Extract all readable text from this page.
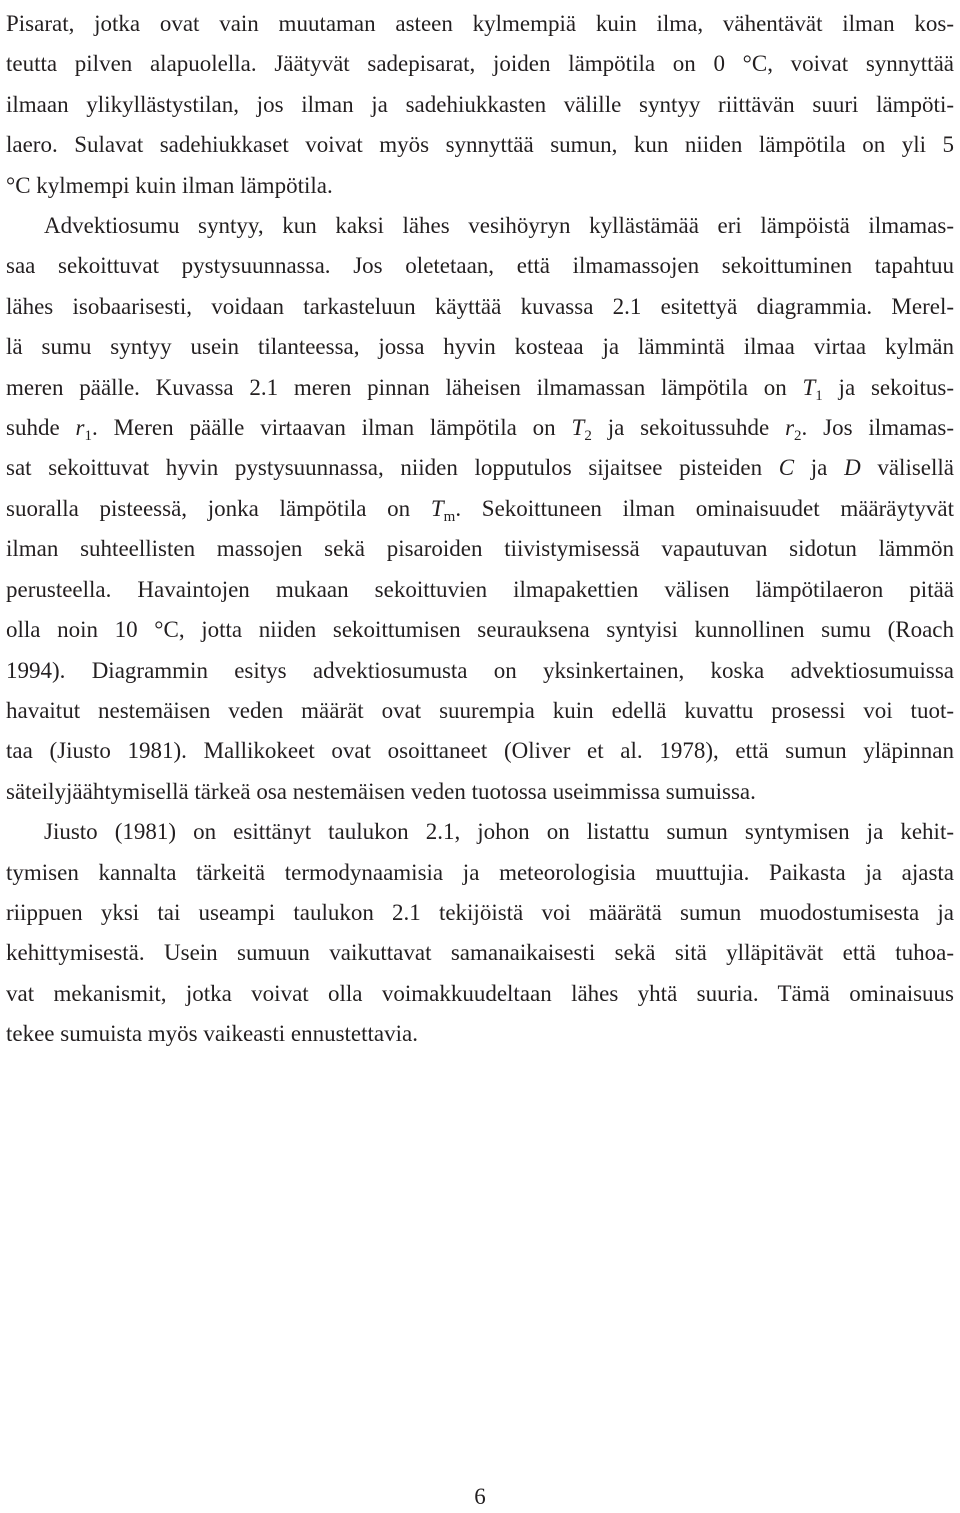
Pisarat, jotka ovat vain muutaman asteen kylmempiä kuin ilma, vähentävät ilman kos-
teutta pilven alapuolella. Jäätyvät sadepisarat, joiden lämpötila on 0 °C, voivat synnyttää
ilmaan ylikyllästystilan, jos ilman ja sadehiukkasten välille syntyy riittävän suuri lämpöti-
laero. Sulavat sadehiukkaset voivat myös synnyttää sumun, kun niiden lämpötila on yli 5
°C kylmempi kuin ilman lämpötila.

Advektiosumu syntyy, kun kaksi lähes vesihöyryn kyllästämää eri lämpöistä ilmamas-
saa sekoittuvat pystysuunnassa. Jos oletetaan, että ilmamassojen sekoittuminen tapahtuu
lähes isobaarisesti, voidaan tarkasteluun käyttää kuvassa 2.1 esitettyä diagrammia. Merel-
lä sumu syntyy usein tilanteessa, jossa hyvin kosteaa ja lämmintä ilmaa virtaa kylmän
meren päälle. Kuvassa 2.1 meren pinnan läheisen ilmamassan lämpötila on $T_1$ ja sekoitus-
suhde $r_1$. Meren päälle virtaavan ilman lämpötila on $T_2$ ja sekoitussuhde $r_2$. Jos ilmamas-
sat sekoittuvat hyvin pystysuunnassa, niiden lopputulos sijaitsee pisteiden C ja D välisellä
suoralla pisteessä, jonka lämpötila on $T_m$. Sekoittuneen ilman ominaisuudet määräytyvät
ilman suhteellisten massojen sekä pisaroiden tiivistymisessä vapautuvan sidotun lämmön
perusteella. Havaintojen mukaan sekoittuvien ilmapakettien välisen lämpötilaeron pitää
olla noin 10 °C, jotta niiden sekoittumisen seurauksena syntyisi kunnollinen sumu (Roach
1994). Diagrammin esitys advektiosumusta on yksinkertainen, koska advektiosumuissa
havaitut nestemäisen veden määrät ovat suurempia kuin edellä kuvattu prosessi voi tuot-
taa (Jiusto 1981). Mallikokeet ovat osoittaneet (Oliver et al. 1978), että sumun yläpinnan
säteilyjäähtymisellä tärkeä osa nestemäisen veden tuotossa useimmissa sumuissa.

Jiusto (1981) on esittänyt taulukon 2.1, johon on listattu sumun syntymisen ja kehit-
tymisen kannalta tärkeitä termodynaamisia ja meteorologisia muuttujia. Paikasta ja ajasta
riippuen yksi tai useampi taulukon 2.1 tekijöistä voi määrätä sumun muodostumisesta ja
kehittymisestä. Usein sumuun vaikuttavat samanaikaisesti sekä sitä ylläpitävät että tuhoa-
vat mekanismit, jotka voivat olla voimakkuudeltaan lähes yhtä suuria. Tämä ominaisuus
tekee sumuista myös vaikeasti ennustettavia.

6
